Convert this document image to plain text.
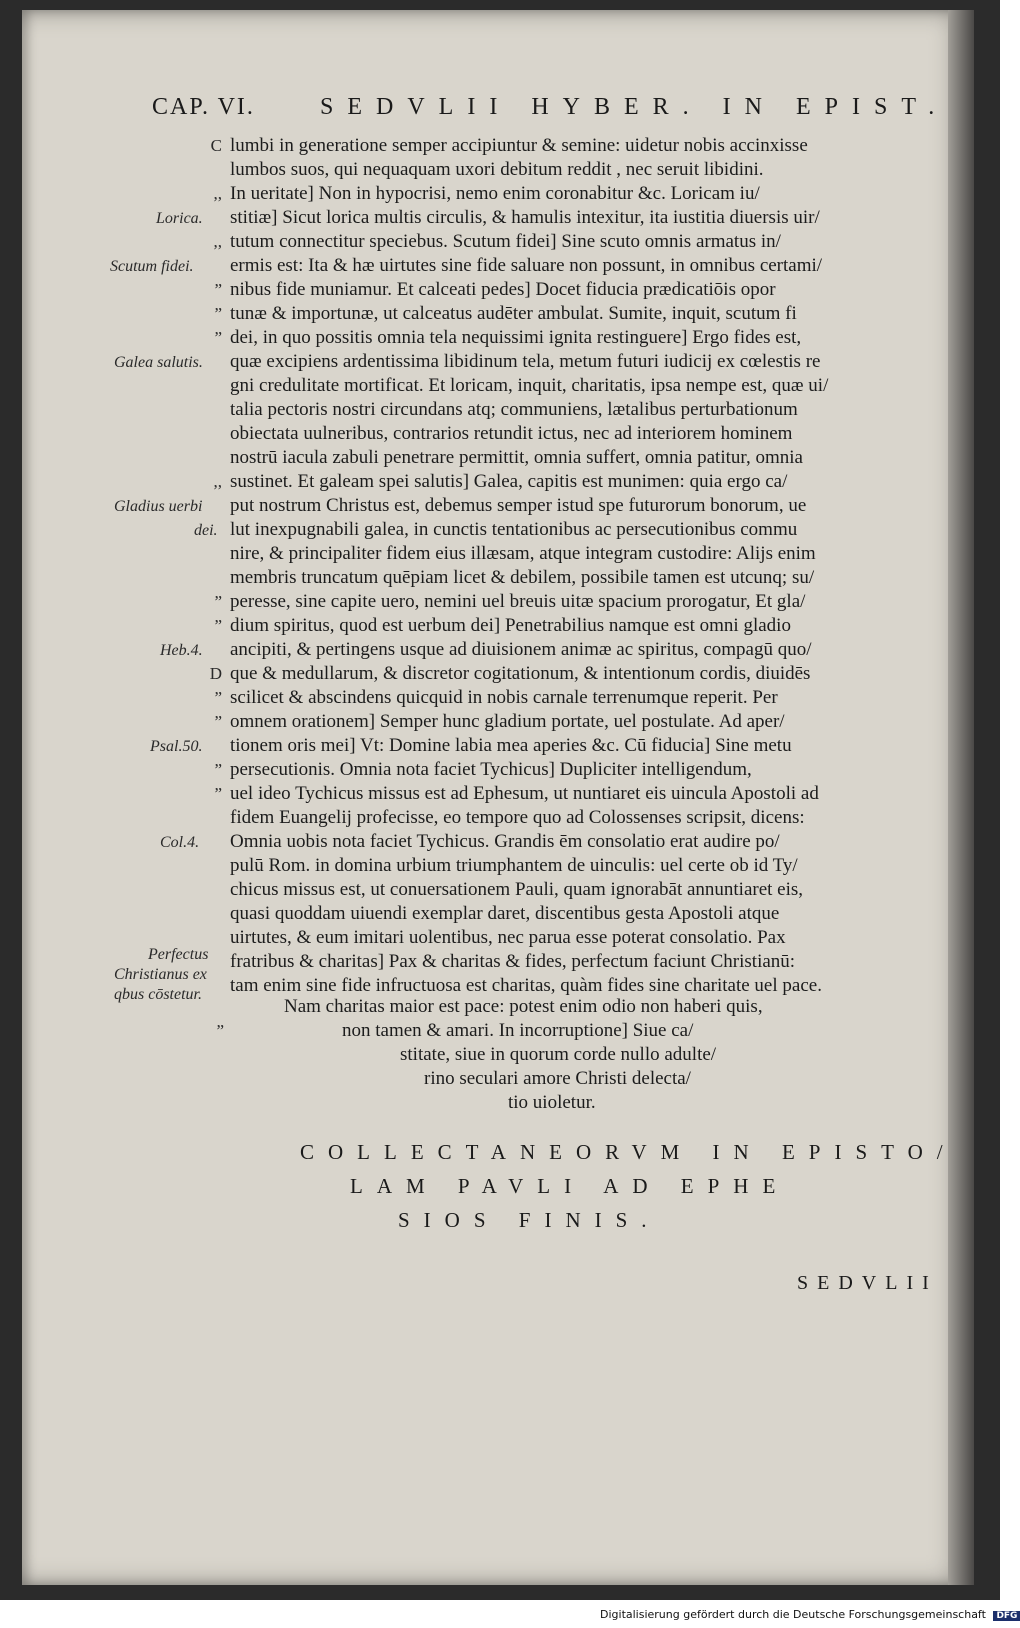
CAP. VI.	SEDVLII HYBER. IN EPIST.
lumbi in generatione semper accipiuntur & semine: uidetur nobis accinxisse
C
lumbos suos, qui nequaquam uxori debitum reddit , nec seruit libidini.
In ueritate] Non in hypocrisi, nemo enim coronabitur &c. Loricam iu/
,,
stitiæ] Sicut lorica multis circulis, & hamulis intexitur, ita iustitia diuersis uir/
tutum connectitur speciebus. Scutum fidei] Sine scuto omnis armatus in/
,,
ermis est: Ita & hæ uirtutes sine fide saluare non possunt, in omnibus certami/
nibus fide muniamur. Et calceati pedes] Docet fiducia prædicatiōis opor
”
tunæ & importunæ, ut calceatus audēter ambulat. Sumite, inquit, scutum fi
”
dei, in quo possitis omnia tela nequissimi ignita restinguere] Ergo fides est,
”
quæ excipiens ardentissima libidinum tela, metum futuri iudicij ex cœlestis re
gni credulitate mortificat. Et loricam, inquit, charitatis, ipsa nempe est, quæ ui/
talia pectoris nostri circundans atq; communiens, lætalibus perturbationum
obiectata uulneribus, contrarios retundit ictus, nec ad interiorem hominem
nostrū iacula zabuli penetrare permittit, omnia suffert, omnia patitur, omnia
sustinet. Et galeam spei salutis] Galea, capitis est munimen: quia ergo ca/
,,
put nostrum Christus est, debemus semper istud spe futurorum bonorum, ue
lut inexpugnabili galea, in cunctis tentationibus ac persecutionibus commu
nire, & principaliter fidem eius illæsam, atque integram custodire: Alijs enim
membris truncatum quēpiam licet & debilem, possibile tamen est utcunq; su/
peresse, sine capite uero, nemini uel breuis uitæ spacium prorogatur, Et gla/
”
dium spiritus, quod est uerbum dei] Penetrabilius namque est omni gladio
”
ancipiti, & pertingens usque ad diuisionem animæ ac spiritus, compagū quo/
que & medullarum, & discretor cogitationum, & intentionum cordis, diuidēs
D
scilicet & abscindens quicquid in nobis carnale terrenumque reperit. Per
”
omnem orationem] Semper hunc gladium portate, uel postulate. Ad aper/
”
tionem oris mei] Vt: Domine labia mea aperies &c. Cū fiducia] Sine metu
persecutionis. Omnia nota faciet Tychicus] Dupliciter intelligendum,
”
uel ideo Tychicus missus est ad Ephesum, ut nuntiaret eis uincula Apostoli ad
”
fidem Euangelij profecisse, eo tempore quo ad Colossenses scripsit, dicens:
Omnia uobis nota faciet Tychicus. Grandis ēm consolatio erat audire po/
pulū Rom. in domina urbium triumphantem de uinculis: uel certe ob id Ty/
chicus missus est, ut conuersationem Pauli, quam ignorabāt annuntiaret eis,
quasi quoddam uiuendi exemplar daret, discentibus gesta Apostoli atque
uirtutes, & eum imitari uolentibus, nec parua esse poterat consolatio. Pax
fratribus & charitas] Pax & charitas & fides, perfectum faciunt Christianū:
tam enim sine fide infructuosa est charitas, quàm fides sine charitate uel pace.
Lorica.
Scutum fidei.
Galea salutis.
Gladius uerbi
dei.
Heb.4.
Psal.50.
Col.4.
Perfectus
Christianus ex
qbus cōstetur.
Nam charitas maior est pace: potest enim odio non haberi quis,
”	non tamen & amari. In incorruptione] Siue ca/
stitate, siue in quorum corde nullo adulte/
rino seculari amore Christi delecta/
tio uioletur.
COLLECTANEORVM IN EPISTO/
LAM PAVLI AD EPHE
SIOS FINIS.
SEDVLII
Digitalisierung gefördert durch die Deutsche Forschungsgemeinschaft DFG
